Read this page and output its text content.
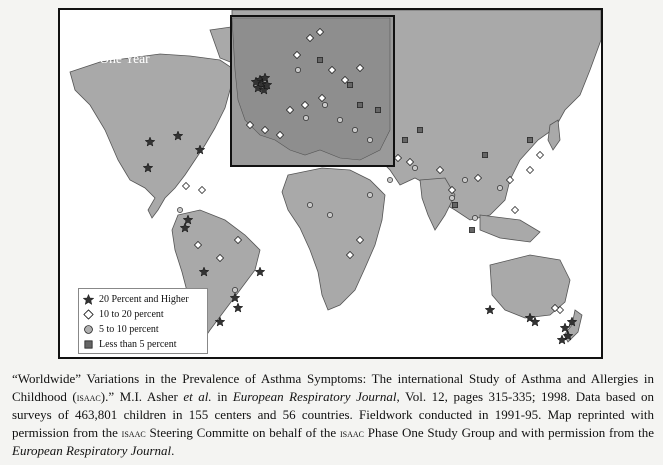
Prevalence of Wheezing
in 13-and 14-Year-Olds
over One Year
20 Percent and Higher
10 to 20 percent
5 to 10 percent
Less than 5 percent
“Worldwide” Variations in the Prevalence of Asthma Symptoms: The international Study of Asthma and Allergies in Childhood (isaac).” M.I. Asher et al. in European Respiratory Journal, Vol. 12, pages 315-335; 1998. Data based on surveys of 463,801 children in 155 centers and 56 countries. Fieldwork conducted in 1991-95. Map reprinted with permission from the isaac Steering Committe on behalf of the isaac Phase One Study Group and with permission from the European Respiratory Journal.
